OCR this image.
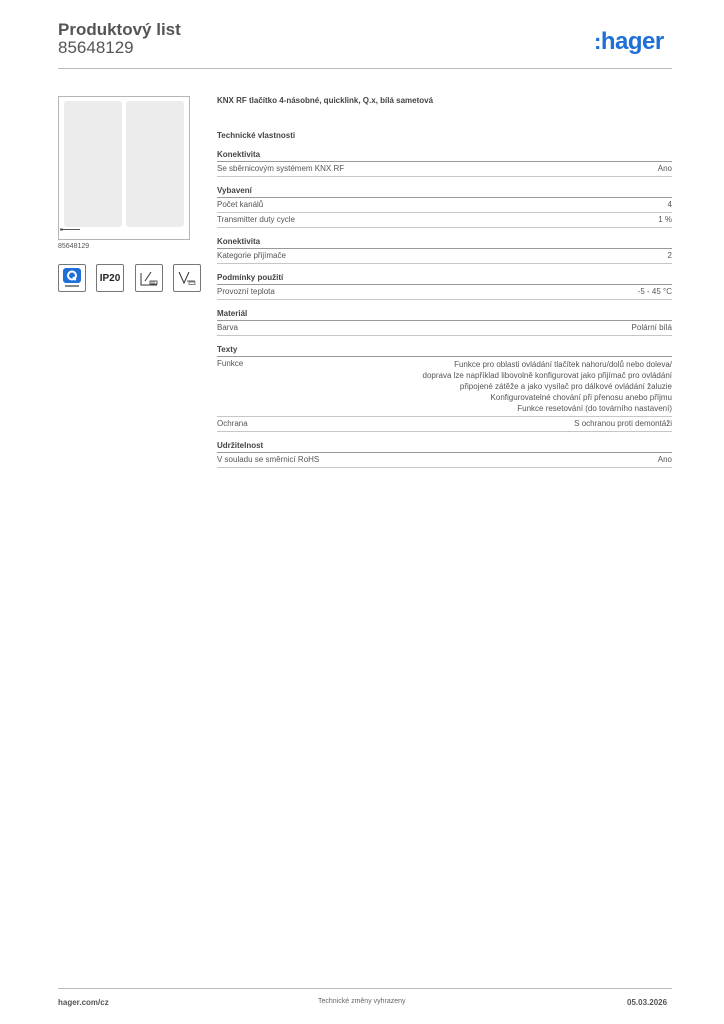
Produktový list
85648129	:hager
85648129
IP20
KNX RF tlačítko 4-násobné, quicklink, Q.x, bílá sametová
Technické vlastnosti
Konektivita
Se sběrnicovým systémem KNX RF	Ano
Vybavení
Počet kanálů	4
Transmitter duty cycle	1 %
Konektivita
Kategorie přijímače	2
Podmínky použití
Provozní teplota	-5 - 45 °C
Materiál
Barva	Polární bílá
Texty
Funkce	Funkce pro oblasti ovládání tlačítek nahoru/dolů nebo doleva/
doprava lze například libovolně konfigurovat jako přijímač pro ovládání
připojené zátěže a jako vysílač pro dálkové ovládání žaluzie
Konfigurovatelné chování při přenosu anebo příjmu
Funkce resetování (do továrního nastavení)
Ochrana	S ochranou proti demontáži
Udržitelnost
V souladu se směrnicí RoHS	Ano
hager.com/cz	Technické změny vyhrazeny	05.03.2026
